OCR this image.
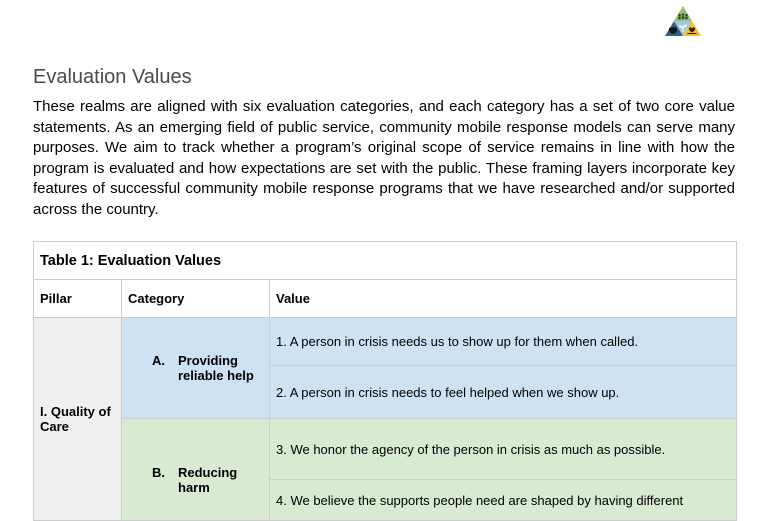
Evaluation Values

These realms are aligned with six evaluation categories, and each category has a set of two core value statements. As an emerging field of public service, community mobile response models can serve many purposes. We aim to track whether a program’s original scope of service remains in line with how the program is evaluated and how expectations are set with the public. These framing layers incorporate key features of successful community mobile response programs that we have researched and/or supported across the country.

Table 1: Evaluation Values		
Pillar	Category	Value
I. Quality of Care	A. Providing reliable help	1. A person in crisis needs us to show up for them when called.
		2. A person in crisis needs to feel helped when we show up.

	B. Reducing harm	3. We honor the agency of the person in crisis as much as possible.
		4. We believe the supports people need are shaped by having different
